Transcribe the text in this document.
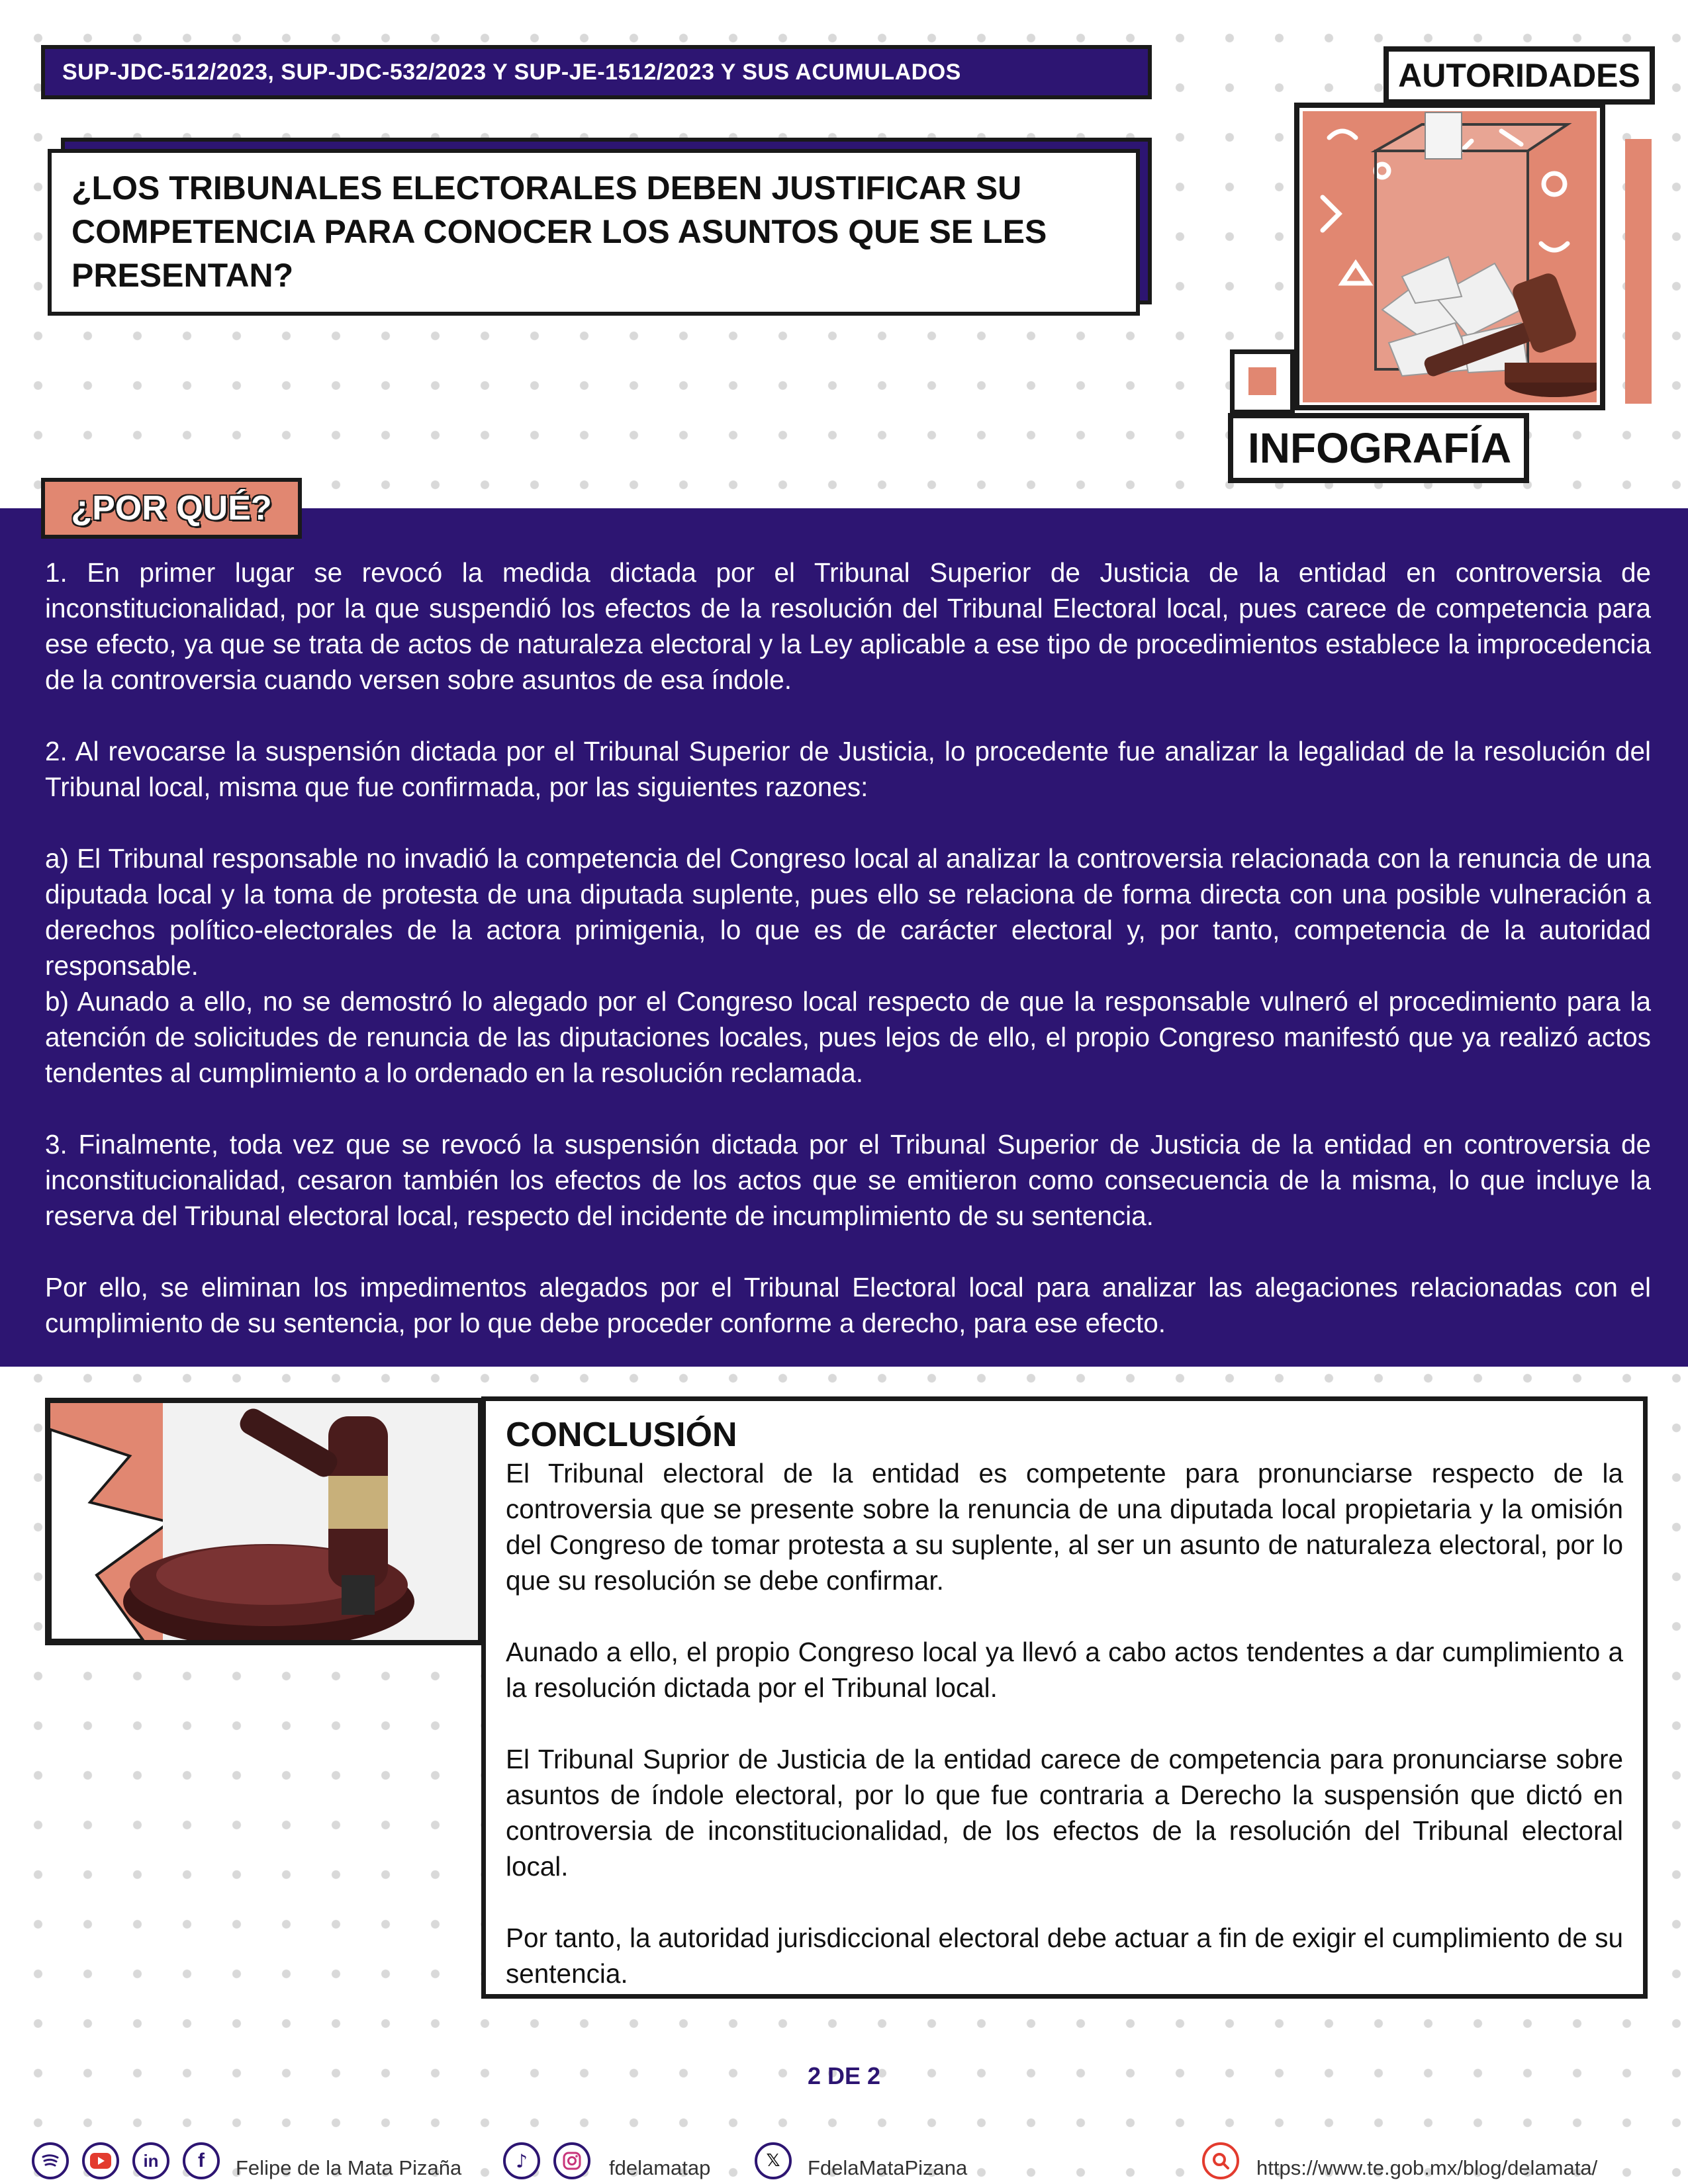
SUP-JDC-512/2023, SUP-JDC-532/2023 Y SUP-JE-1512/2023 Y SUS ACUMULADOS
¿LOS TRIBUNALES ELECTORALES DEBEN JUSTIFICAR SU COMPETENCIA PARA CONOCER LOS ASUNTOS QUE SE LES PRESENTAN?
AUTORIDADES
INFOGRAFÍA
¿POR QUÉ?

1. En primer lugar se revocó la medida dictada por el Tribunal Superior de Justicia de la entidad en controversia de inconstitucionalidad, por la que suspendió los efectos de la resolución del Tribunal Electoral local, pues carece de competencia para ese efecto, ya que se trata de actos de naturaleza electoral y la Ley aplicable a ese tipo de procedimientos establece la improcedencia de la controversia cuando versen sobre asuntos de esa índole.

2. Al revocarse la suspensión dictada por el Tribunal Superior de Justicia, lo procedente fue analizar la legalidad de la resolución del Tribunal local, misma que fue confirmada, por las siguientes razones:

a) El Tribunal responsable no invadió la competencia del Congreso local al analizar la controversia relacionada con la renuncia de una diputada local y la toma de protesta de una diputada suplente, pues ello se relaciona de forma directa con una posible vulneración a derechos político-electorales de la actora primigenia, lo que es de carácter electoral y, por tanto, competencia de la autoridad responsable.

b) Aunado a ello, no se demostró lo alegado por el Congreso local respecto de que la responsable vulneró el procedimiento para la atención de solicitudes de renuncia de las diputaciones locales, pues lejos de ello, el propio Congreso manifestó que ya realizó actos tendentes al cumplimiento a lo ordenado en la resolución reclamada.

3. Finalmente, toda vez que se revocó la suspensión dictada por el Tribunal Superior de Justicia de la entidad en controversia de inconstitucionalidad, cesaron también los efectos de los actos que se emitieron como consecuencia de la misma, lo que incluye la reserva del Tribunal electoral local, respecto del incidente de incumplimiento de su sentencia.

Por ello, se eliminan los impedimentos alegados por el Tribunal Electoral local para analizar las alegaciones relacionadas con el cumplimiento de su sentencia, por lo que debe proceder conforme a derecho, para ese efecto.

CONCLUSIÓN

El Tribunal electoral de la entidad es competente para pronunciarse respecto de la controversia que se presente sobre la renuncia de una diputada local propietaria y la omisión del Congreso de tomar protesta a su suplente, al ser un asunto de naturaleza electoral, por lo que su resolución se debe confirmar.

Aunado a ello, el propio Congreso local ya llevó a cabo actos tendentes a dar cumplimiento a la resolución dictada por el Tribunal local.

El Tribunal Suprior de Justicia de la entidad carece de competencia para pronunciarse sobre asuntos de índole electoral, por lo que fue contraria a Derecho la suspensión que dictó en controversia de inconstitucionalidad, de los efectos de la resolución del Tribunal electoral local.

Por tanto, la autoridad jurisdiccional electoral debe actuar a fin de exigir el cumplimiento de su sentencia.

2 DE 2
in f Felipe de la Mata Pizaña	♪	fdelamatap	𝕏 FdelaMataPizana	https://www.te.gob.mx/blog/delamata/
